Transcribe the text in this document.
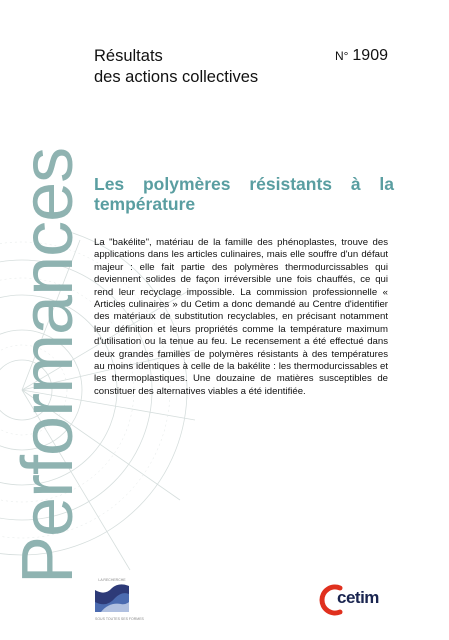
Performances
Résultats
des actions collectives
N° 1909
Les polymères résistants à la température
La "bakélite", matériau de la famille des phénoplastes, trouve des applications dans les articles culinaires, mais elle souffre d'un défaut majeur : elle fait partie des polymères thermodurcissables qui deviennent solides de façon irréversible une fois chauffés, ce qui rend leur recyclage impossible. La commission professionnelle « Articles culinaires » du Cetim a donc demandé au Centre d'identifier des matériaux de substitution recyclables, en précisant notamment leur définition et leurs propriétés comme la température maximum d'utilisation ou la tenue au feu. Le recensement a été effectué dans deux grandes familles de polymères résistants à des températures au moins identiques à celle de la bakélite : les thermodurcissables et les thermoplastiques. Une douzaine de matières susceptibles de constituer des alternatives viables a été identifiée.
LA RECHERCHE
SOUS TOUTES SES FORMES
cetim
